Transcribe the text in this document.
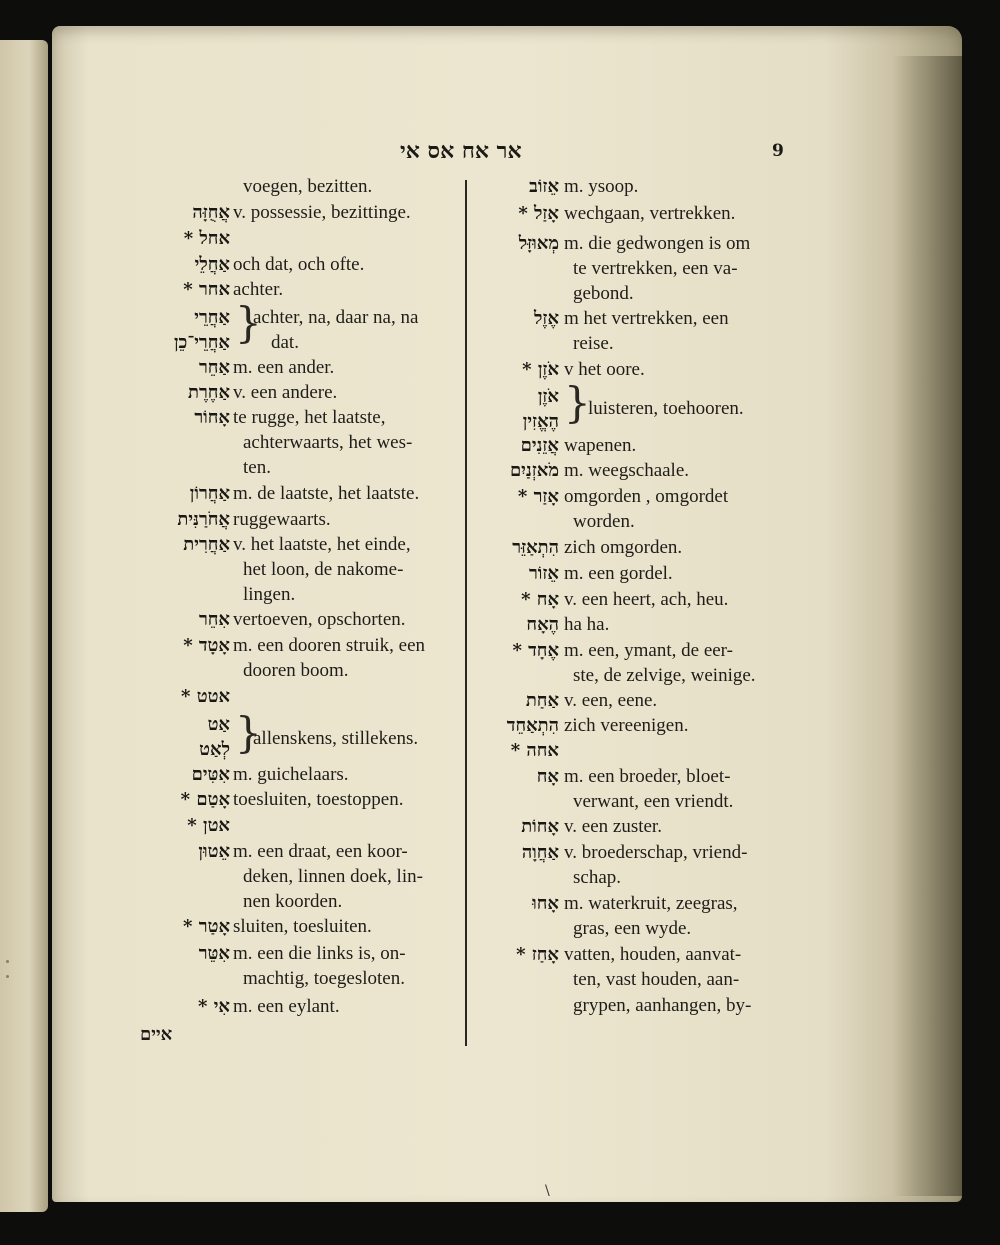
אר אח אס אי	9
voegen, bezitten.
אֲחֻזָּה v. possessie, bezittinge.
אחל *
אַחֲלֵי och dat, och ofte.
אחר * achter.
אַחֲרֵי }
achter, na, daar na, na
אַחֲרֵי־כֵן dat.
אַחֵר m. een ander.
אַחֶרֶת v. een andere.
אָחוֹר te rugge, het laatste,
achterwaarts, het wes-
ten.
אַחֲרוֹן m. de laatste, het laatste.
אֲחֹרַנִּית ruggewaarts.
אַחֲרִית v. het laatste, het einde,
het loon, de nakome-
lingen.
אִחֵר vertoeven, opschorten.
אָטָד * m. een dooren struik, een
dooren boom.
אטט *
אַט }
allenskens, stillekens.
לְאַט
אִטִּים m. guichelaars.
אָטַם * toesluiten, toestoppen.
אטן *
אֵטוּן m. een draat, een koor-
deken, linnen doek, lin-
nen koorden.
אָטַר * sluiten, toesluiten.
אִטֵּר m. een die links is, on-
machtig, toegesloten.
אִי * m. een eylant.
אֵזוֹב m. ysoop.
אָזַל * wechgaan, vertrekken.
מְאוּזָּל m. die gedwongen is om
te vertrekken, een va-
gebond.
אֶזֶל m het vertrekken, een
reise.
אֹזֶן * v het oore.
אֹזֶן }
luisteren, toehooren.
הֶאֱזִין
אֲזֵנִים wapenen.
מֹאזְנַיִם m. weegschaale.
אָזַר * omgorden , omgordet
worden.
הִתְאַזֵּר zich omgorden.
אֵזוֹר m. een gordel.
אָח * v. een heert, ach, heu.
הֶאָח ha ha.
אֶחָד * m. een, ymant, de eer-
ste, de zelvige, weinige.
אַחַת v. een, eene.
הִתְאַחֵד zich vereenigen.
אחה *
אָח m. een broeder, bloet-
verwant, een vriendt.
אָחוֹת v. een zuster.
אַחֲוָה v. broederschap, vriend-
schap.
אָחוּ m. waterkruit, zeegras,
gras, een wyde.
אָחַז * vatten, houden, aanvat-
ten, vast houden, aan-
grypen, aanhangen, by-
איים
\
